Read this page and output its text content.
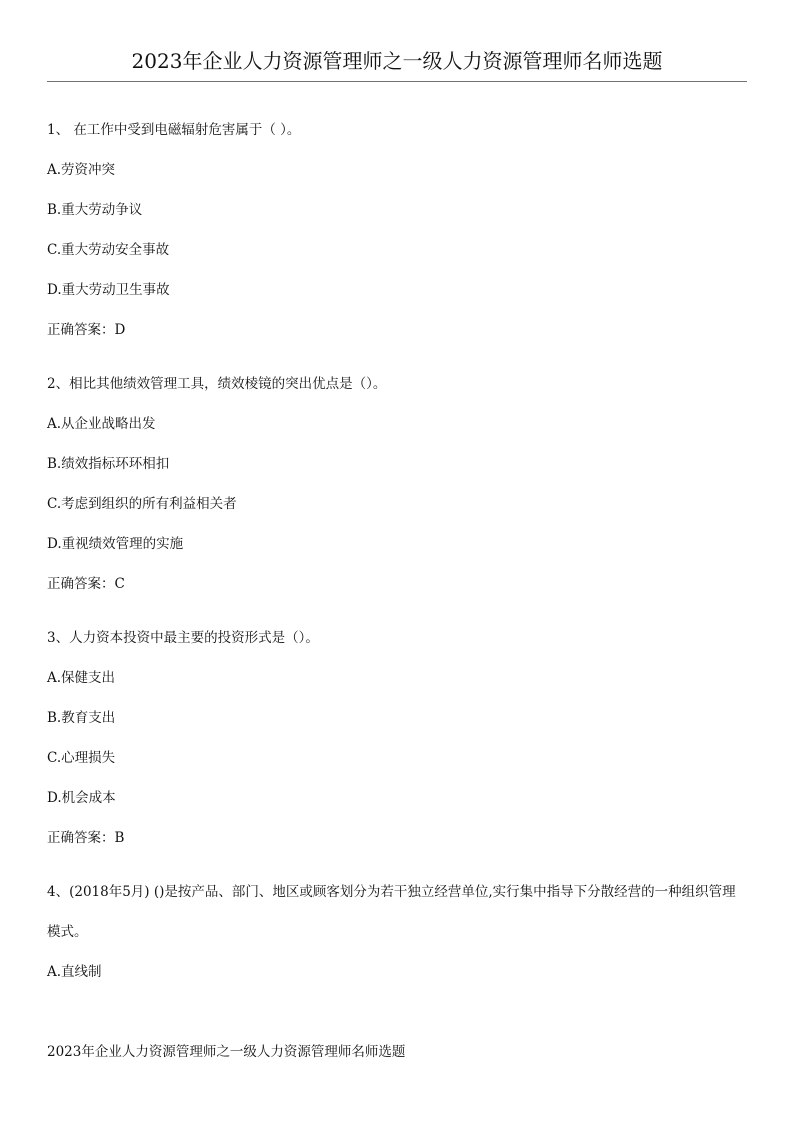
2023年企业人力资源管理师之一级人力资源管理师名师选题
1、 在工作中受到电磁辐射危害属于（ ）。
A.劳资冲突
B.重大劳动争议
C.重大劳动安全事故
D.重大劳动卫生事故
正确答案：D
2、相比其他绩效管理工具，绩效棱镜的突出优点是（）。
A.从企业战略出发
B.绩效指标环环相扣
C.考虑到组织的所有利益相关者
D.重视绩效管理的实施
正确答案：C
3、人力资本投资中最主要的投资形式是（）。
A.保健支出
B.教育支出
C.心理损失
D.机会成本
正确答案：B
4、(2018年5月) ()是按产品、部门、地区或顾客划分为若干独立经营单位,实行集中指导下分散经营的一种组织管理模式。
A.直线制
2023年企业人力资源管理师之一级人力资源管理师名师选题
